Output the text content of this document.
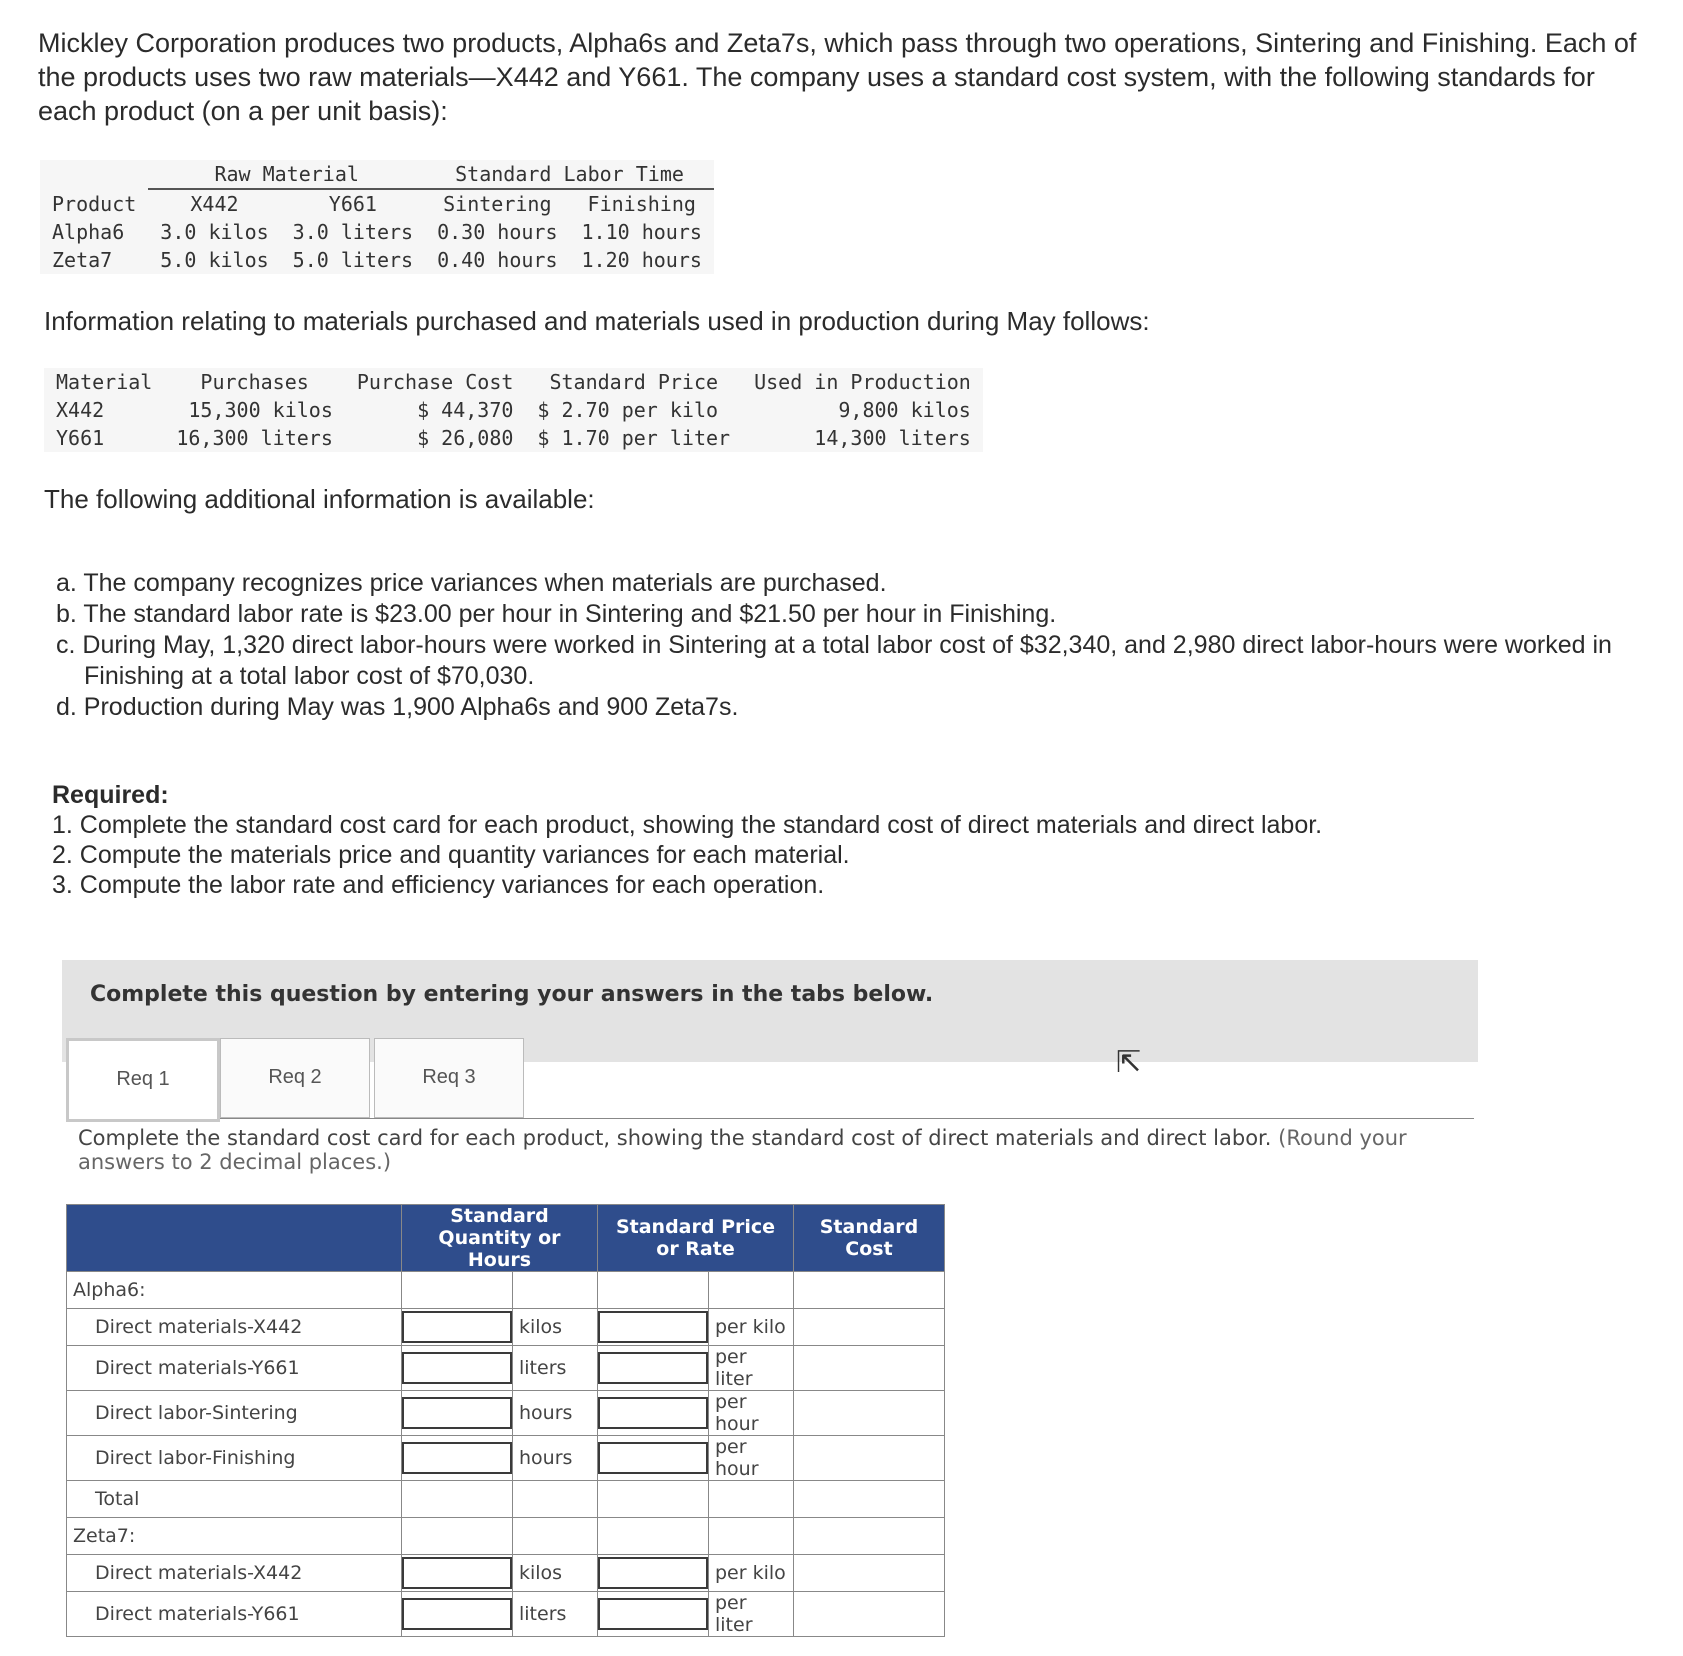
Mickley Corporation produces two products, Alpha6s and Zeta7s, which pass through two operations, Sintering and Finishing. Each of the products uses two raw materials—X442 and Y661. The company uses a standard cost system, with the following standards for each product (on a per unit basis):
	Raw Material		Standard Labor Time	
Product	X442	Y661	Sintering	Finishing
Alpha6	3.0 kilos	3.0 liters	0.30 hours	1.10 hours
Zeta7	5.0 kilos	5.0 liters	0.40 hours	1.20 hours
Information relating to materials purchased and materials used in production during May follows:
Material	Purchases	Purchase Cost	Standard Price	Used in Production
X442	15,300 kilos	$ 44,370	$ 2.70 per kilo	9,800 kilos
Y661	16,300 liters	$ 26,080	$ 1.70 per liter	14,300 liters
The following additional information is available:
a. The company recognizes price variances when materials are purchased.
b. The standard labor rate is $23.00 per hour in Sintering and $21.50 per hour in Finishing.
c. During May, 1,320 direct labor-hours were worked in Sintering at a total labor cost of $32,340, and 2,980 direct labor-hours were worked in Finishing at a total labor cost of $70,030.
d. Production during May was 1,900 Alpha6s and 900 Zeta7s.
Required:
1. Complete the standard cost card for each product, showing the standard cost of direct materials and direct labor.
2. Compute the materials price and quantity variances for each material.
3. Compute the labor rate and efficiency variances for each operation.
Complete this question by entering your answers in the tabs below.
Req 1	Req 2	Req 3	⇱
Complete the standard cost card for each product, showing the standard cost of direct materials and direct labor. (Round your answers to 2 decimal places.)
	Standard Quantity or Hours		Standard Price or Rate		Standard Cost
Alpha6:					
Direct materials-X442		kilos		per kilo	
Direct materials-Y661		liters		per liter	
Direct labor-Sintering		hours		per hour	
Direct labor-Finishing		hours		per hour	
Total					
Zeta7:					
Direct materials-X442		kilos		per kilo	
Direct materials-Y661		liters		per liter	
